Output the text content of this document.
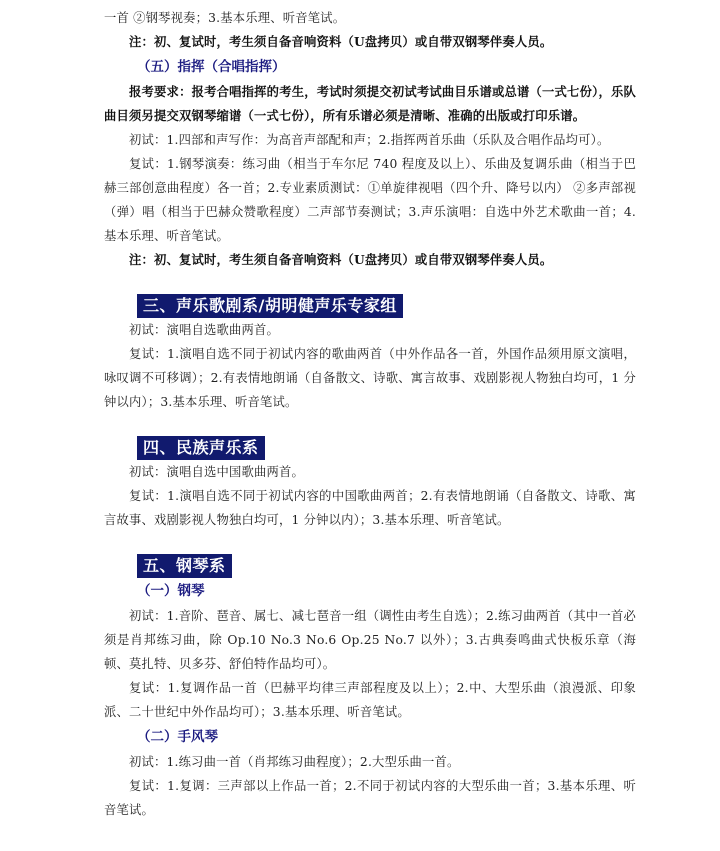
一首 ②钢琴视奏；3.基本乐理、听音笔试。

注：初、复试时，考生须自备音响资料（U盘拷贝）或自带双钢琴伴奏人员。

（五）指挥（合唱指挥）

报考要求：报考合唱指挥的考生，考试时须提交初试考试曲目乐谱或总谱（一式七份），乐队曲目须另提交双钢琴缩谱（一式七份），所有乐谱必须是清晰、准确的出版或打印乐谱。

初试：1.四部和声写作：为高音声部配和声；2.指挥两首乐曲（乐队及合唱作品均可）。

复试：1.钢琴演奏：练习曲（相当于车尔尼 740 程度及以上）、乐曲及复调乐曲（相当于巴赫三部创意曲程度）各一首；2.专业素质测试：①单旋律视唱（四个升、降号以内） ②多声部视（弹）唱（相当于巴赫众赞歌程度）二声部节奏测试；3.声乐演唱：自选中外艺术歌曲一首；4.基本乐理、听音笔试。

注：初、复试时，考生须自备音响资料（U盘拷贝）或自带双钢琴伴奏人员。

三、声乐歌剧系/胡明健声乐专家组

初试：演唱自选歌曲两首。

复试：1.演唱自选不同于初试内容的歌曲两首（中外作品各一首，外国作品须用原文演唱，咏叹调不可移调）；2.有表情地朗诵（自备散文、诗歌、寓言故事、戏剧影视人物独白均可，1 分钟以内）；3.基本乐理、听音笔试。

四、民族声乐系

初试：演唱自选中国歌曲两首。

复试：1.演唱自选不同于初试内容的中国歌曲两首；2.有表情地朗诵（自备散文、诗歌、寓言故事、戏剧影视人物独白均可，1 分钟以内）；3.基本乐理、听音笔试。

五、钢琴系

（一）钢琴

初试：1.音阶、琶音、属七、减七琶音一组（调性由考生自选）；2.练习曲两首（其中一首必须是肖邦练习曲，除 Op.10 No.3 No.6 Op.25 No.7 以外）；3.古典奏鸣曲式快板乐章（海顿、莫扎特、贝多芬、舒伯特作品均可）。

复试：1.复调作品一首（巴赫平均律三声部程度及以上）；2.中、大型乐曲（浪漫派、印象派、二十世纪中外作品均可）；3.基本乐理、听音笔试。

（二）手风琴

初试：1.练习曲一首（肖邦练习曲程度）；2.大型乐曲一首。

复试：1.复调：三声部以上作品一首；2.不同于初试内容的大型乐曲一首；3.基本乐理、听音笔试。
